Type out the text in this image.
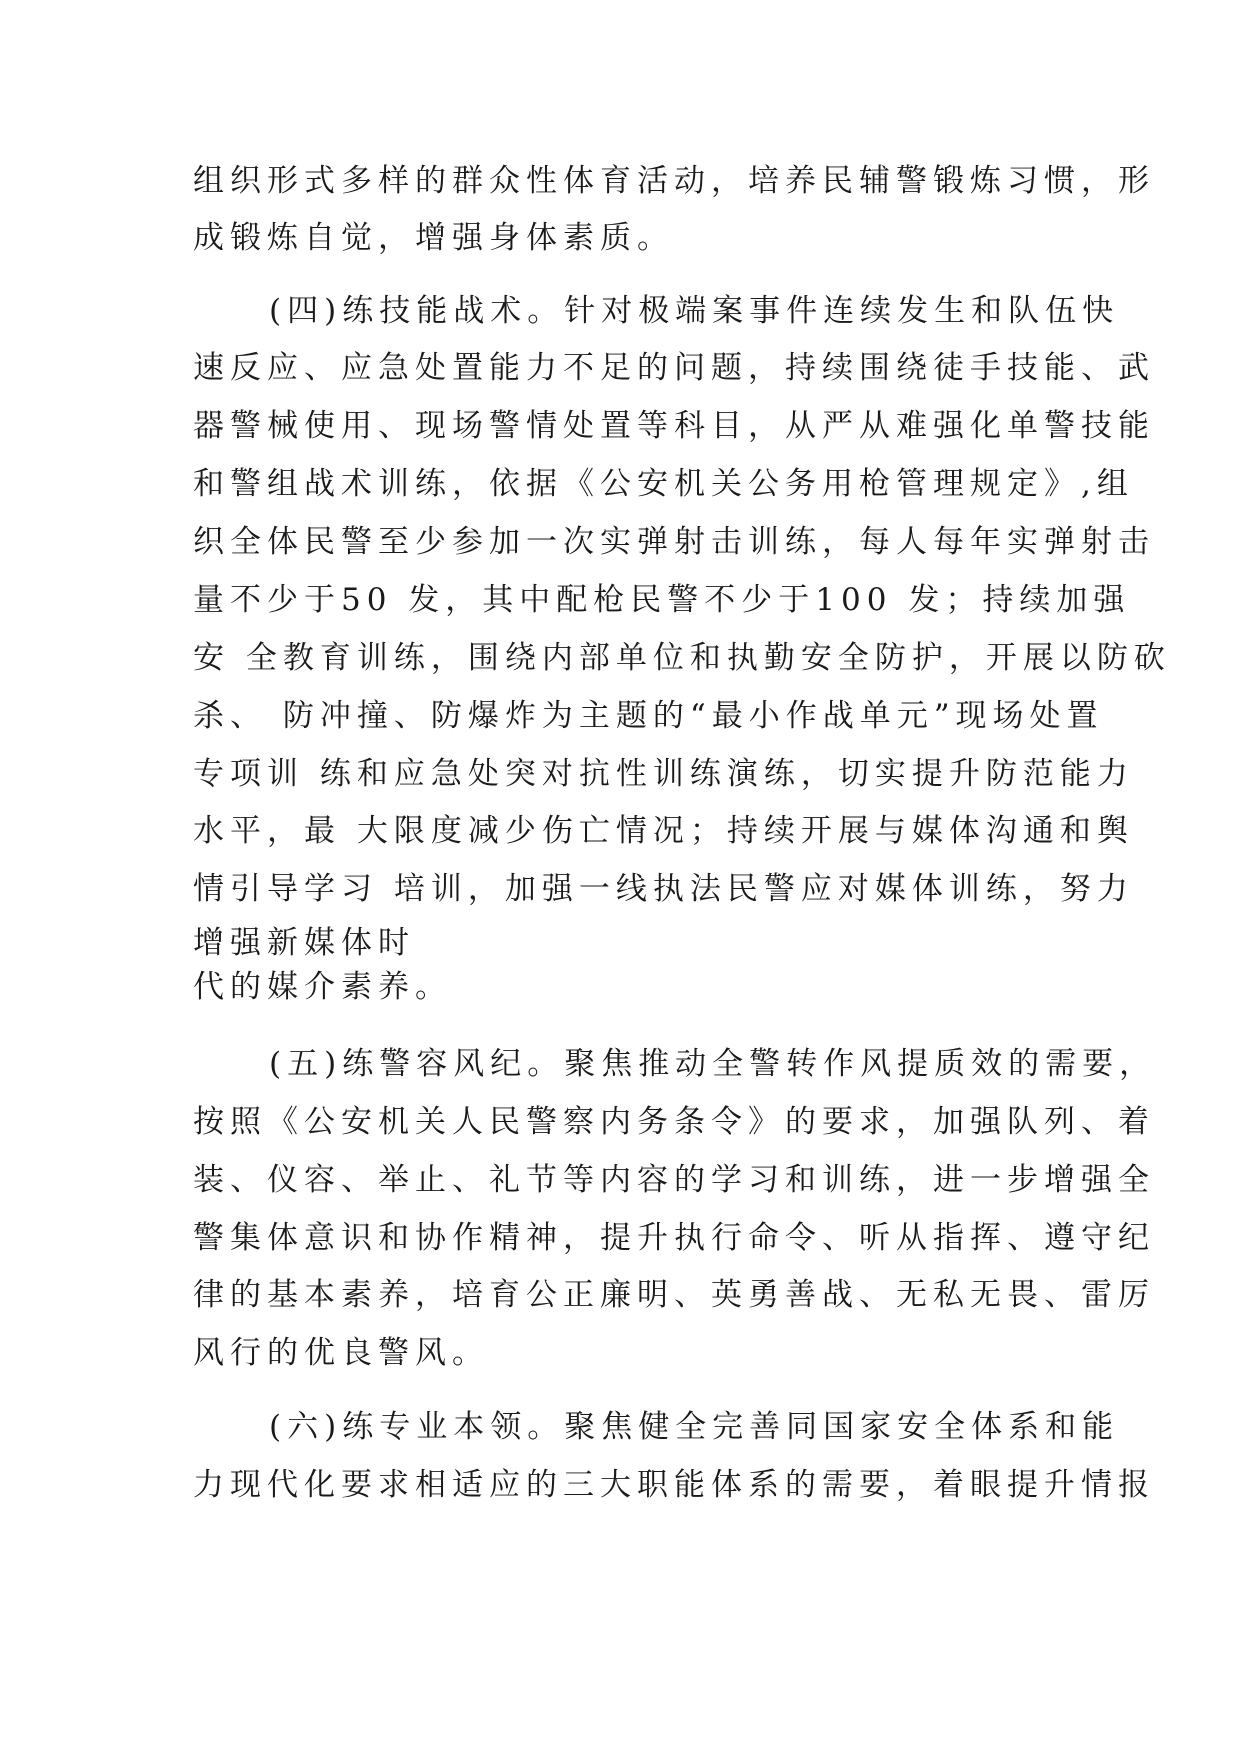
组织形式多样的群众性体育活动，培养民辅警锻炼习惯，形
成锻炼自觉，增强身体素质。
(四)练技能战术。针对极端案事件连续发生和队伍快
速反应、应急处置能力不足的问题，持续围绕徒手技能、武
器警械使用、现场警情处置等科目，从严从难强化单警技能
和警组战术训练，依据《公安机关公务用枪管理规定》,组
织全体民警至少参加一次实弹射击训练，每人每年实弹射击
量不少于50 发，其中配枪民警不少于100 发；持续加强
安 全教育训练，围绕内部单位和执勤安全防护，开展以防砍
杀、 防冲撞、防爆炸为主题的“最小作战单元”现场处置
专项训 练和应急处突对抗性训练演练，切实提升防范能力
水平，最 大限度减少伤亡情况；持续开展与媒体沟通和舆
情引导学习 培训，加强一线执法民警应对媒体训练，努力
增强新媒体时
代的媒介素养。
(五)练警容风纪。聚焦推动全警转作风提质效的需要，
按照《公安机关人民警察内务条令》的要求，加强队列、着
装、仪容、举止、礼节等内容的学习和训练，进一步增强全
警集体意识和协作精神，提升执行命令、听从指挥、遵守纪
律的基本素养，培育公正廉明、英勇善战、无私无畏、雷厉
风行的优良警风。
(六)练专业本领。聚焦健全完善同国家安全体系和能
力现代化要求相适应的三大职能体系的需要，着眼提升情报
